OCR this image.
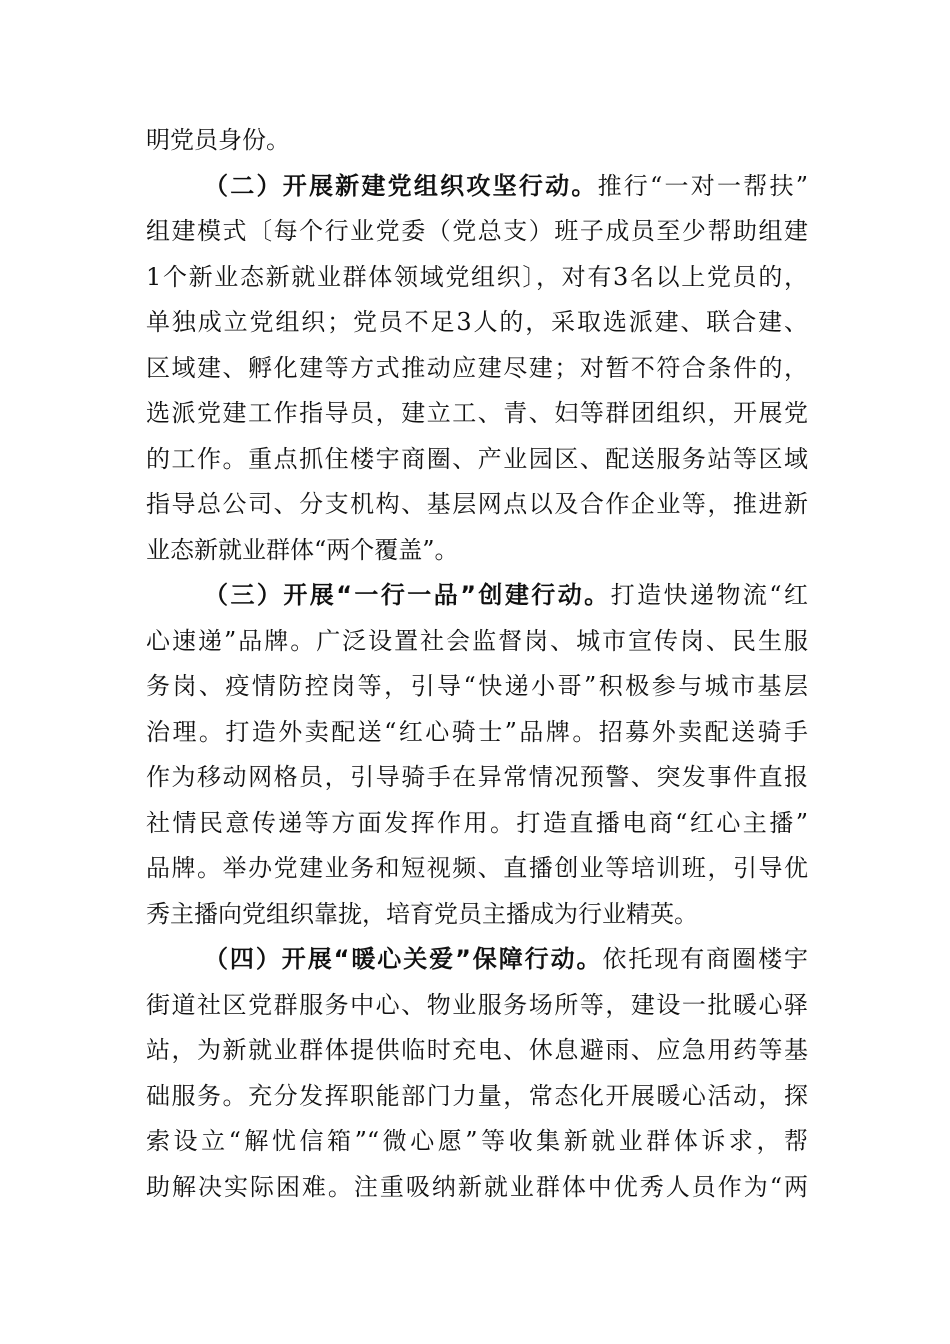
明党员身份。
（二）开展新建党组织攻坚行动。推行“一对一帮扶”
组建模式〔每个行业党委（党总支）班子成员至少帮助组建
1个新业态新就业群体领域党组织〕，对有3名以上党员的，
单独成立党组织；党员不足3人的，采取选派建、联合建、
区域建、孵化建等方式推动应建尽建；对暂不符合条件的，
选派党建工作指导员，建立工、青、妇等群团组织，开展党
的工作。重点抓住楼宇商圈、产业园区、配送服务站等区域
指导总公司、分支机构、基层网点以及合作企业等，推进新
业态新就业群体“两个覆盖”。
（三）开展“一行一品”创建行动。打造快递物流“红
心速递”品牌。广泛设置社会监督岗、城市宣传岗、民生服
务岗、疫情防控岗等，引导“快递小哥”积极参与城市基层
治理。打造外卖配送“红心骑士”品牌。招募外卖配送骑手
作为移动网格员，引导骑手在异常情况预警、突发事件直报
社情民意传递等方面发挥作用。打造直播电商“红心主播”
品牌。举办党建业务和短视频、直播创业等培训班，引导优
秀主播向党组织靠拢，培育党员主播成为行业精英。
（四）开展“暖心关爱”保障行动。依托现有商圈楼宇
街道社区党群服务中心、物业服务场所等，建设一批暖心驿
站，为新就业群体提供临时充电、休息避雨、应急用药等基
础服务。充分发挥职能部门力量，常态化开展暖心活动，探
索设立“解忧信箱”“微心愿”等收集新就业群体诉求，帮
助解决实际困难。注重吸纳新就业群体中优秀人员作为“两
